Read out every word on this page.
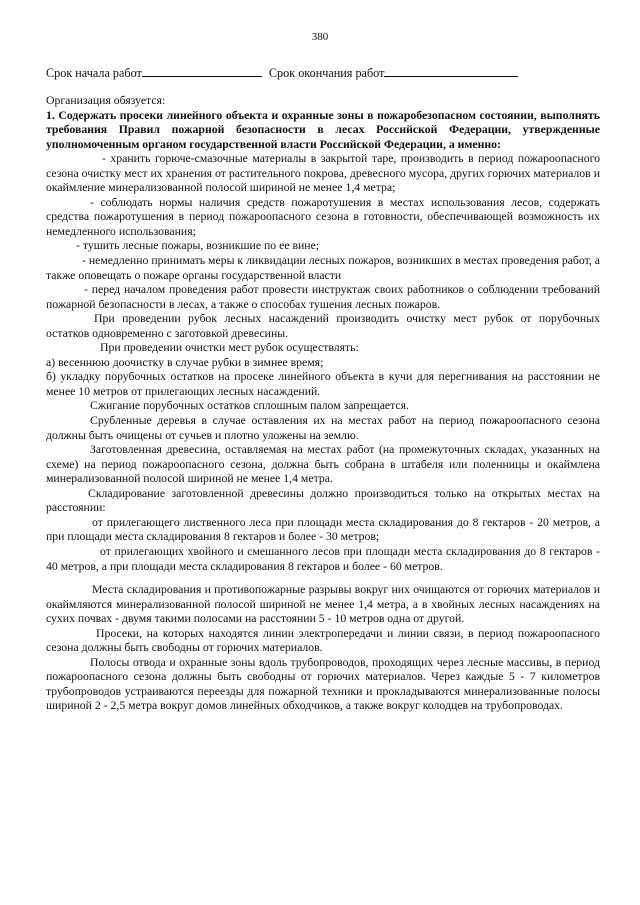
380
Срок начала работ	Срок окончания работ

Организация обязуется:

1. Содержать просеки линейного объекта и охранные зоны в пожаробезопасном состоянии, выполнять требования Правил пожарной безопасности в лесах Российской Федерации, утвержденные уполномоченным органом государственной власти Российской Федерации, а именно:

- хранить горюче-смазочные материалы в закрытой таре, производить в период пожароопасного сезона очистку мест их хранения от растительного покрова, древесного мусора, других горючих материалов и окаймление минерализованной полосой шириной не менее 1,4 метра;

- соблюдать нормы наличия средств пожаротушения в местах использования лесов, содержать средства пожаротушения в период пожароопасного сезона в готовности, обеспечивающей возможность их немедленного использования;

- тушить лесные пожары, возникшие по ее вине;

- немедленно принимать меры к ликвидации лесных пожаров, возникших в местах проведения работ, а также оповещать о пожаре органы государственной власти

- перед началом проведения работ провести инструктаж своих работников о соблюдении требований пожарной безопасности в лесах, а также о способах тушения лесных пожаров.

При проведении рубок лесных насаждений производить очистку мест рубок от порубочных остатков одновременно с заготовкой древесины.

При проведении очистки мест рубок осуществлять:

а) весеннюю доочистку в случае рубки в зимнее время;

б) укладку порубочных остатков на просеке линейного объекта в кучи для перегнивания на расстоянии не менее 10 метров от прилегающих лесных насаждений.

Сжигание порубочных остатков сплошным палом запрещается.

Срубленные деревья в случае оставления их на местах работ на период пожароопасного сезона должны быть очищены от сучьев и плотно уложены на землю.

Заготовленная древесина, оставляемая на местах работ (на промежуточных складах, указанных на схеме) на период пожароопасного сезона, должна быть собрана в штабеля или поленницы и окаймлена минерализованной полосой шириной не менее 1,4 метра.

Складирование заготовленной древесины должно производиться только на открытых местах на расстоянии:

от прилегающего лиственного леса при площади места складирования до 8 гектаров - 20 метров, а при площади места складирования 8 гектаров и более - 30 метров;

от прилегающих хвойного и смешанного лесов при площади места складирования до 8 гектаров - 40 метров, а при площади места складирования 8 гектаров и более - 60 метров.

Места складирования и противопожарные разрывы вокруг них очищаются от горючих материалов и окаймляются минерализованной полосой шириной не менее 1,4 метра, а в хвойных лесных насаждениях на сухих почвах - двумя такими полосами на расстоянии 5 - 10 метров одна от другой.

Просеки, на которых находятся линии электропередачи и линии связи, в период пожароопасного сезона должны быть свободны от горючих материалов.

Полосы отвода и охранные зоны вдоль трубопроводов, проходящих через лесные массивы, в период пожароопасного сезона должны быть свободны от горючих материалов. Через каждые 5 - 7 километров трубопроводов устраиваются переезды для пожарной техники и прокладываются минерализованные полосы шириной 2 - 2,5 метра вокруг домов линейных обходчиков, а также вокруг колодцев на трубопроводах.
